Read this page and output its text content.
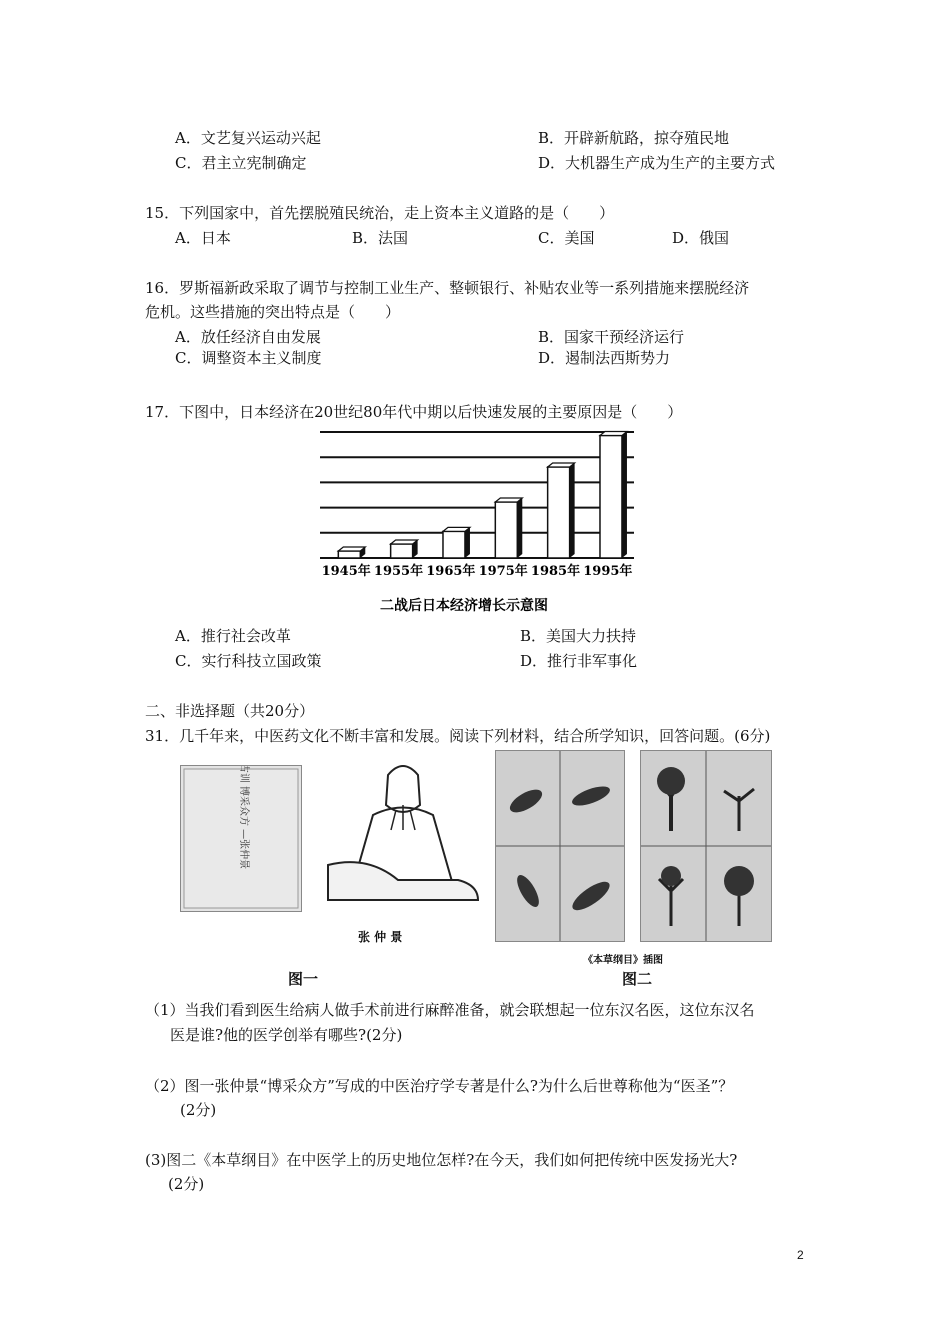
A．文艺复兴运动兴起	B．开辟新航路，掠夺殖民地
C．君主立宪制确定	D．大机器生产成为生产的主要方式
15．下列国家中，首先摆脱殖民统治，走上资本主义道路的是（　　）
A．日本	B．法国	C．美国	D．俄国
16．罗斯福新政采取了调节与控制工业生产、整顿银行、补贴农业等一系列措施来摆脱经济
危机。这些措施的突出特点是（　　）
A．放任经济自由发展	B．国家干预经济运行
C．调整资本主义制度	D．遏制法西斯势力
17．下图中，日本经济在20世纪80年代中期以后快速发展的主要原因是（　　）
1945年 1955年 1965年 1975年 1985年 1995年
二战后日本经济增长示意图
A．推行社会改革	B．美国大力扶持
C．实行科技立国政策	D．推行非军事化
二、非选择题（共20分）
31．几千年来，中医药文化不断丰富和发展。阅读下列材料，结合所学知识，回答问题。(6分)
勤求古训 博采众方 —张仲景
张 仲 景
图一
《本草纲目》插图
图二
（1）当我们看到医生给病人做手术前进行麻醉准备，就会联想起一位东汉名医，这位东汉名
医是谁?他的医学创举有哪些?(2分)
（2）图一张仲景“博采众方”写成的中医治疗学专著是什么?为什么后世尊称他为“医圣”？
(2分)
(3)图二《本草纲目》在中医学上的历史地位怎样?在今天，我们如何把传统中医发扬光大?
(2分)
2
